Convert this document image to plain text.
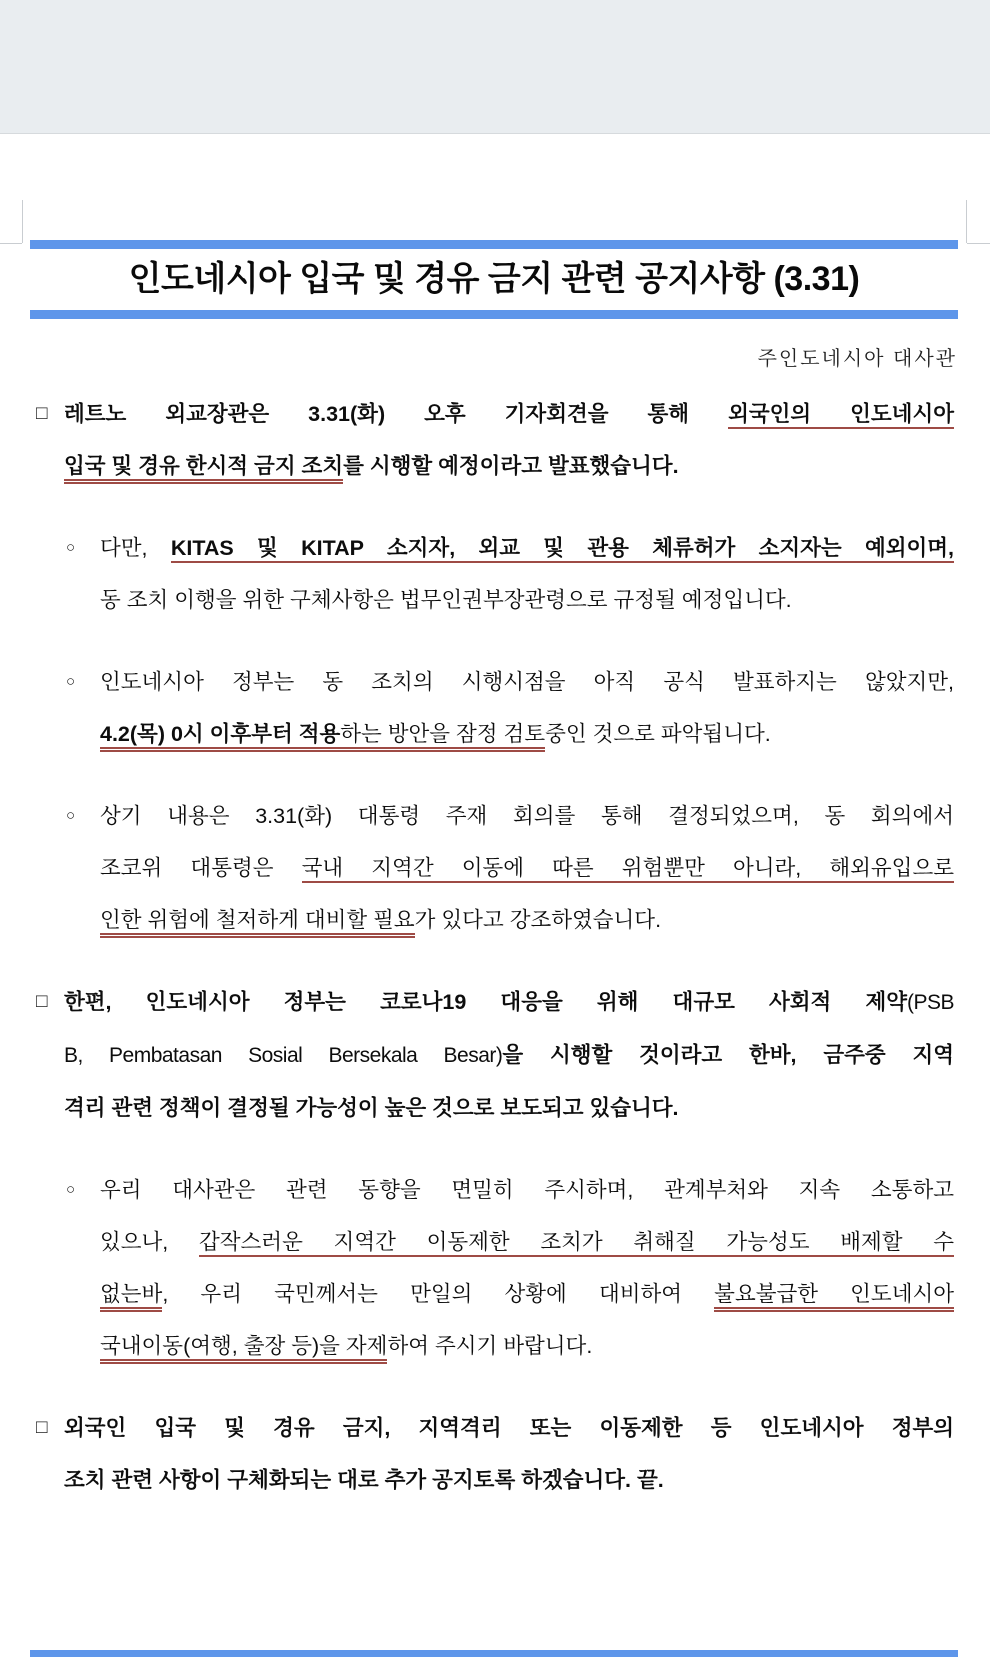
인도네시아 입국 및 경유 금지 관련 공지사항 (3.31)
주인도네시아 대사관
□ 레트노 외교장관은 3.31(화) 오후 기자회견을 통해 외국인의 인도네시아
입국 및 경유 한시적 금지 조치를 시행할 예정이라고 발표했습니다.
○	다만, KITAS 및 KITAP 소지자, 외교 및 관용 체류허가 소지자는 예외이며,
동 조치 이행을 위한 구체사항은 법무인권부장관령으로 규정될 예정입니다.
○	인도네시아 정부는 동 조치의 시행시점을 아직 공식 발표하지는 않았지만,
4.2(목) 0시 이후부터 적용하는 방안을 잠정 검토중인 것으로 파악됩니다.
○	상기 내용은 3.31(화) 대통령 주재 회의를 통해 결정되었으며, 동 회의에서
조코위 대통령은 국내 지역간 이동에 따른 위험뿐만 아니라, 해외유입으로
인한 위험에 철저하게 대비할 필요가 있다고 강조하였습니다.
□ 한편, 인도네시아 정부는 코로나19 대응을 위해 대규모 사회적 제약(PSB
B, Pembatasan Sosial Bersekala Besar)을 시행할 것이라고 한바, 금주중 지역
격리 관련 정책이 결정될 가능성이 높은 것으로 보도되고 있습니다.
○	우리 대사관은 관련 동향을 면밀히 주시하며, 관계부처와 지속 소통하고
있으나, 갑작스러운 지역간 이동제한 조치가 취해질 가능성도 배제할 수
없는바, 우리 국민께서는 만일의 상황에 대비하여 불요불급한 인도네시아
국내이동(여행, 출장 등)을 자제하여 주시기 바랍니다.
□ 외국인 입국 및 경유 금지, 지역격리 또는 이동제한 등 인도네시아 정부의
조치 관련 사항이 구체화되는 대로 추가 공지토록 하겠습니다. 끝.
